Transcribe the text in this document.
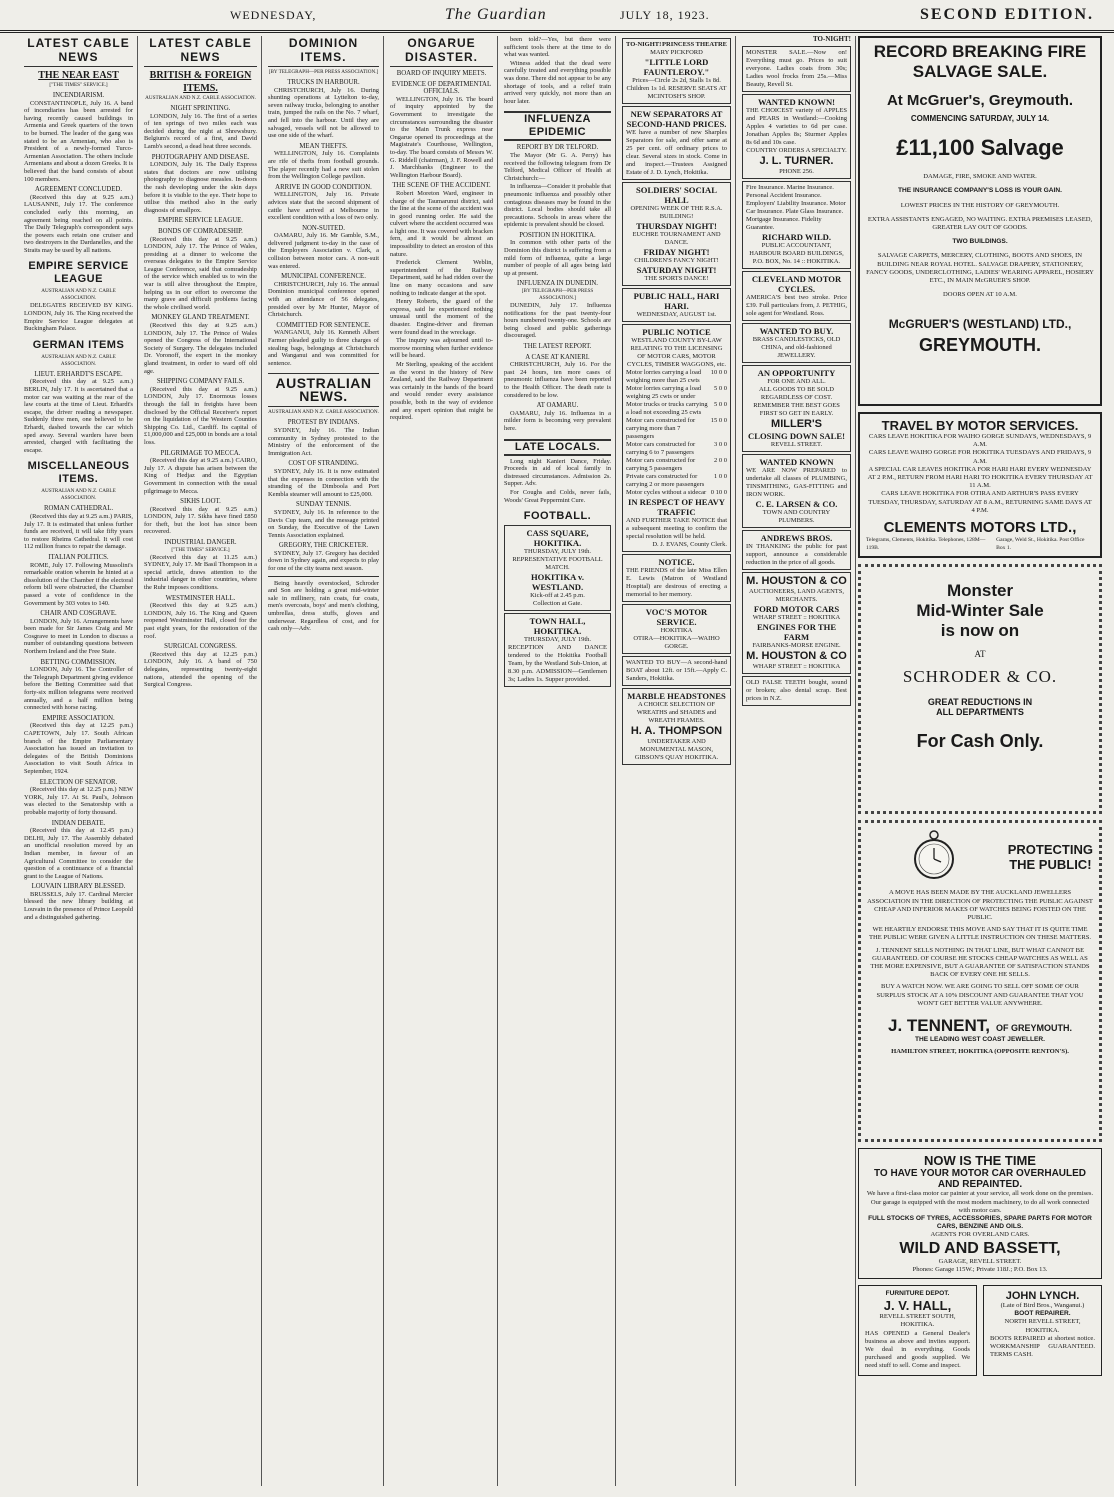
WEDNESDAY,	The Guardian	JULY 18, 1923.	SECOND EDITION.
LATEST CABLE NEWS
THE NEAR EAST
["THE TIMES" SERVICE.]
INCENDIARISM.

CONSTANTINOPLE, July 16. A band of incendiaries has been arrested for having recently caused buildings in Armenia and Greek quarters of the town to be burned. The leader of the gang was stated to be an Armenian, who also is President of a newly-formed Turco-Armenian Association. The others include Armenians and about a dozen Greeks. It is believed that the band consists of about 100 members.

AGREEMENT CONCLUDED.

(Received this day at 9.25 a.m.) LAUSANNE, July 17. The conference concluded early this morning, an agreement being reached on all points. The Daily Telegraph's correspondent says the powers each retain one cruiser and two destroyers in the Dardanelles, and the Straits may be used by all nations.

EMPIRE SERVICE LEAGUE
AUSTRALIAN AND N.Z. CABLE ASSOCIATION.

DELEGATES RECEIVED BY KING. LONDON, July 16. The King received the Empire Service League delegates at Buckingham Palace.

GERMAN ITEMS
AUSTRALIAN AND N.Z. CABLE ASSOCIATION.
LIEUT. ERHARDT'S ESCAPE.

(Received this day at 9.25 a.m.) BERLIN, July 17. It is ascertained that a motor car was waiting at the rear of the law courts at the time of Lieut. Erhardt's escape, the driver reading a newspaper. Suddenly three men, one believed to be Erhardt, dashed towards the car which sped away. Several warders have been arrested, charged with facilitating the escape.

MISCELLANEOUS ITEMS.
AUSTRALIAN AND N.Z. CABLE ASSOCIATION.
ROMAN CATHEDRAL.

(Received this day at 9.25 a.m.) PARIS, July 17. It is estimated that unless further funds are received, it will take fifty years to restore Rheims Cathedral. It will cost 112 million francs to repair the damage.

ITALIAN POLITICS.

ROME, July 17. Following Mussolini's remarkable oration wherein he hinted at a dissolution of the Chamber if the electoral reform bill were obstructed, the Chamber passed a vote of confidence in the Government by 303 votes to 140.

CHAIR AND COSGRAVE.

LONDON, July 16. Arrangements have been made for Sir James Craig and Mr Cosgrave to meet in London to discuss a number of outstanding questions between Northern Ireland and the Free State.

BETTING COMMISSION.

LONDON, July 16. The Controller of the Telegraph Department giving evidence before the Betting Committee said that forty-six million telegrams were received annually, and a half million being connected with horse racing.

EMPIRE ASSOCIATION.

(Received this day at 12.25 p.m.) CAPETOWN, July 17. South African branch of the Empire Parliamentary Association has issued an invitation to delegates of the British Dominions Association to visit South Africa in September, 1924.

ELECTION OF SENATOR.

(Received this day at 12.25 p.m.) NEW YORK, July 17. At St. Paul's, Johnson was elected to the Senatorship with a probable majority of forty thousand.

INDIAN DEBATE.

(Received this day at 12.45 p.m.) DELHI, July 17. The Assembly debated an unofficial resolution moved by an Indian member, in favour of an Agricultural Committee to consider the question of a continuance of a financial grant to the League of Nations.

LOUVAIN LIBRARY BLESSED.

BRUSSELS, July 17. Cardinal Mercier blessed the new library building at Louvain in the presence of Prince Leopold and a distinguished gathering.

LATEST CABLE NEWS
BRITISH & FOREIGN ITEMS.
AUSTRALIAN AND N.Z. CABLE ASSOCIATION.
NIGHT SPRINTING.

LONDON, July 16. The first of a series of ten springs of two miles each was decided during the night at Shrewsbury. Belgium's record of a first, and David Lamb's second, a dead heat three seconds.

PHOTOGRAPHY AND DISEASE.

LONDON, July 16. The Daily Express states that doctors are now utilising photography to diagnose measles. In-doors the rash developing under the skin days before it is visible to the eye. Their hope to utilise this method also in the early diagnosis of smallpox.

EMPIRE SERVICE LEAGUE.
BONDS OF COMRADESHIP.

(Received this day at 9.25 a.m.) LONDON, July 17. The Prince of Wales, presiding at a dinner to welcome the overseas delegates to the Empire Service League Conference, said that comradeship of the service which enabled us to win the war is still alive throughout the Empire, helping us in our effort to overcome the many grave and difficult problems facing the whole civilised world.

MONKEY GLAND TREATMENT.

(Received this day at 9.25 a.m.) LONDON, July 17. The Prince of Wales opened the Congress of the International Society of Surgery. The delegates included Dr. Voronoff, the expert in the monkey gland treatment, in order to ward off old age.

SHIPPING COMPANY FAILS.

(Received this day at 9.25 a.m.) LONDON, July 17. Enormous losses through the fall in freights have been disclosed by the Official Receiver's report on the liquidation of the Western Counties Shipping Co. Ltd., Cardiff. Its capital of £1,000,000 and £25,000 in bonds are a total loss.

PILGRIMAGE TO MECCA.

(Received this day at 9.25 a.m.) CAIRO, July 17. A dispute has arisen between the King of Hedjaz and the Egyptian Government in connection with the usual pilgrimage to Mecca.

SIKHS LOOT.

(Received this day at 9.25 a.m.) LONDON, July 17. Sikhs have fined £850 for theft, but the loot has since been recovered.

INDUSTRIAL DANGER.
["THE TIMES" SERVICE.]

(Received this day at 11.25 a.m.) SYDNEY, July 17. Mr Basil Thompson in a special article, draws attention to the industrial danger in other countries, where the Ruhr imposes conditions.

WESTMINSTER HALL.

(Received this day at 9.25 a.m.) LONDON, July 16. The King and Queen reopened Westminster Hall, closed for the past eight years, for the restoration of the roof.

SURGICAL CONGRESS.

(Received this day at 12.25 p.m.) LONDON, July 16. A band of 750 delegates, representing twenty-eight nations, attended the opening of the Surgical Congress.

DOMINION ITEMS.
[BY TELEGRAPH—PER PRESS ASSOCIATION.]
TRUCKS IN HARBOUR.

CHRISTCHURCH, July 16. During shunting operations at Lyttelton to-day, seven railway trucks, belonging to another train, jumped the rails on the No. 7 wharf, and fell into the harbour. Until they are salvaged, vessels will not be allowed to use one side of the wharf.

MEAN THEFTS.

WELLINGTON, July 16. Complaints are rife of thefts from football grounds. The player recently had a new suit stolen from the Wellington College pavilion.

ARRIVE IN GOOD CONDITION.

WELLINGTON, July 16. Private advices state that the second shipment of cattle have arrived at Melbourne in excellent condition with a loss of two only.

NON-SUITED.

OAMARU, July 16. Mr Gamble, S.M., delivered judgment to-day in the case of the Employers Association v. Clark, a collision between motor cars. A non-suit was entered.

MUNICIPAL CONFERENCE.

CHRISTCHURCH, July 16. The annual Dominion municipal conference opened with an attendance of 56 delegates, presided over by Mr Hunter, Mayor of Christchurch.

COMMITTED FOR SENTENCE.

WANGANUI, July 16. Kenneth Albert Farmer pleaded guilty to three charges of stealing bags, belongings at Christchurch and Wanganui and was committed for sentence.

AUSTRALIAN NEWS.
AUSTRALIAN AND N.Z. CABLE ASSOCIATION.
PROTEST BY INDIANS.

SYDNEY, July 16. The Indian community in Sydney protested to the Ministry of the enforcement of the Immigration Act.

COST OF STRANDING.

SYDNEY, July 16. It is now estimated that the expenses in connection with the stranding of the Dimboola and Port Kembla steamer will amount to £25,000.

SUNDAY TENNIS.

SYDNEY, July 16. In reference to the Davis Cup team, and the message printed on Sunday, the Executive of the Lawn Tennis Association explained.

GREGORY, THE CRICKETER.

SYDNEY, July 17. Gregory has decided down in Sydney again, and expects to play for one of the city teams next season.

Being heavily overstocked, Schroder and Son are holding a great mid-winter sale in millinery, rain coats, fur coats, men's overcoats, boys' and men's clothing, umbrellas, dress stuffs, gloves and underwear. Regardless of cost, and for cash only—Adv.

ONGARUE DISASTER.
BOARD OF INQUIRY MEETS.
EVIDENCE OF DEPARTMENTAL OFFICIALS.

WELLINGTON, July 16. The board of inquiry appointed by the Government to investigate the circumstances surrounding the disaster to the Main Trunk express near Ongarue opened its proceedings at the Magistrate's Courthouse, Wellington, to-day. The board consists of Messrs W. G. Riddell (chairman), J. F. Rowell and J. Marchbanks (Engineer to the Wellington Harbour Board).

THE SCENE OF THE ACCIDENT.

Robert Moreton Ward, engineer in charge of the Taumarunui district, said the line at the scene of the accident was in good running order. He said the culvert where the accident occurred was a light one. It was covered with bracken fern, and it would be almost an impossibility to detect an erosion of this nature.

Frederick Clement Weblin, superintendent of the Railway Department, said he had ridden over the line on many occasions and saw nothing to indicate danger at the spot.

Henry Roberts, the guard of the express, said he experienced nothing unusual until the moment of the disaster. Engine-driver and fireman were found dead in the wreckage.

The inquiry was adjourned until to-morrow morning when further evidence will be heard.

Mr Sterling, speaking of the accident as the worst in the history of New Zealand, said the Railway Department was certainly in the hands of the board and would render every assistance possible, both in the way of evidence and any expert opinion that might be required.

been told?—Yes, but there were sufficient tools there at the time to do what was wanted.

Witness added that the dead were carefully treated and everything possible was done. There did not appear to be any shortage of tools, and a relief train arrived very quickly, not more than an hour later.

INFLUENZA EPIDEMIC
REPORT BY DR TELFORD.

The Mayor (Mr G. A. Perry) has received the following telegram from Dr Telford, Medical Officer of Health at Christchurch:—

In influenza—Consider it probable that pneumonic influenza and possibly other contagious diseases may be found in the district. Local bodies should take all precautions. Schools in areas where the epidemic is prevalent should be closed.

POSITION IN HOKITIKA.

In common with other parts of the Dominion this district is suffering from a mild form of influenza, quite a large number of people of all ages being laid up at present.

INFLUENZA IN DUNEDIN.
[BY TELEGRAPH—PER PRESS ASSOCIATION.]

DUNEDIN, July 17. Influenza notifications for the past twenty-four hours numbered twenty-one. Schools are being closed and public gatherings discouraged.

THE LATEST REPORT.
A CASE AT KANIERI.

CHRISTCHURCH, July 16. For the past 24 hours, ten more cases of pneumonic influenza have been reported to the Health Officer. The death rate is considered to be low.

AT OAMARU.

OAMARU, July 16. Influenza in a milder form is becoming very prevalent here.

LATE LOCALS.

Long night Kanieri Dance, Friday. Proceeds in aid of local family in distressed circumstances. Admission 2s. Supper. Adv.

For Coughs and Colds, never fails, Woods' Great Peppermint Cure.

FOOTBALL.
CASS SQUARE, HOKITIKA.
THURSDAY, JULY 19th.
REPRESENTATIVE FOOTBALL MATCH.
HOKITIKA v. WESTLAND.
Kick-off at 2.45 p.m.
Collection at Gate.
TOWN HALL, HOKITIKA.
THURSDAY, JULY 19th.
RECEPTION AND DANCE tendered to the Hokitika Football Team, by the Westland Sub-Union, at 8.30 p.m. ADMISSION—Gentlemen 3s; Ladies 1s. Supper provided.
TO-NIGHT! PRINCESS THEATRE
MARY PICKFORD
"LITTLE LORD FAUNTLEROY."
Prices—Circle 2s 2d, Stalls 1s 8d. Children 1s 1d. RESERVE SEATS AT MCINTOSH'S SHOP.
NEW SEPARATORS AT SECOND-HAND PRICES.
WE have a number of new Sharples Separators for sale, and offer same at 25 per cent. off ordinary prices to clear. Several sizes in stock. Come in and inspect.—Trustees Assigned Estate of J. D. Lynch, Hokitika.
SOLDIERS' SOCIAL HALL
OPENING WEEK OF THE R.S.A. BUILDING!
THURSDAY NIGHT!
EUCHRE TOURNAMENT AND DANCE.
FRIDAY NIGHT!
CHILDREN'S FANCY NIGHT!
SATURDAY NIGHT!
THE SPORTS DANCE!
PUBLIC HALL, HARI HARI.
WEDNESDAY, AUGUST 1st.
PUBLIC NOTICE
WESTLAND COUNTY BY-LAW RELATING TO THE LICENSING OF MOTOR CARS, MOTOR CYCLES, TIMBER WAGGONS, etc.
Motor lorries carrying a load weighing more than 25 cwts
10 0 0
Motor lorries carrying a load weighing 25 cwts or under
5 0 0
Motor trucks or trucks carrying a load not exceeding 25 cwts
5 0 0
Motor cars constructed for carrying more than 7 passengers
15 0 0
Motor cars constructed for carrying 6 to 7 passengers
3 0 0
Motor cars constructed for carrying 5 passengers
2 0 0
Private cars constructed for carrying 2 or more passengers
1 0 0
Motor cycles without a sidecar 0 10 0
IN RESPECT OF HEAVY TRAFFIC
AND FURTHER TAKE NOTICE that a subsequent meeting to confirm the special resolution will be held.
D. J. EVANS, County Clerk.
NOTICE.
THE FRIENDS of the late Miss Ellen E. Lewis (Matron of Westland Hospital) are desirous of erecting a memorial to her memory.
VOC'S MOTOR SERVICE.
HOKITIKA
OTIRA—HOKITIKA—WAIHO GORGE.
WANTED TO BUY—A second-hand BOAT about 12ft. or 15ft.—Apply C. Sanders, Hokitika.
MARBLE HEADSTONES
A CHOICE SELECTION OF WREATHS and SHADES and WREATH FRAMES.
H. A. THOMPSON
UNDERTAKER AND MONUMENTAL MASON, GIBSON'S QUAY HOKITIKA.
TO-NIGHT!
MONSTER SALE.—Now on! Everything must go. Prices to suit everyone. Ladies coats from 30s; Ladies wool frocks from 25s.—Miss Beauty, Revell St.
WANTED KNOWN!
THE CHOICEST variety of APPLES and PEARS in Westland:—Cooking Apples 4 varieties to 6d per case. Jonathan Apples 8s; Sturmer Apples 8s 6d and 10s case.
COUNTRY ORDERS A SPECIALTY.
J. L. TURNER.
PHONE 256.
Fire Insurance. Marine Insurance. Personal Accident Insurance. Employers' Liability Insurance. Motor Car Insurance. Plate Glass Insurance. Mortgage Insurance. Fidelity Guarantee.
RICHARD WILD.
PUBLIC ACCOUNTANT,
HARBOUR BOARD BUILDINGS,
P.O. BOX, No. 14 :: HOKITIKA.
CLEVELAND MOTOR CYCLES.
AMERICA'S best two stroke. Price £39. Full particulars from, J. PETHIG, sole agent for Westland. Ross.
WANTED TO BUY.
BRASS CANDLESTICKS, OLD CHINA, and old-fashioned JEWELLERY.
AN OPPORTUNITY
FOR ONE AND ALL.
ALL GOODS TO BE SOLD REGARDLESS OF COST.
REMEMBER THE BEST GOES FIRST SO GET IN EARLY.
MILLER'S
CLOSING DOWN SALE!
REVELL STREET.
WANTED KNOWN
WE ARE NOW PREPARED to undertake all classes of PLUMBING, TINSMITHING, GAS-FITTING and IRON WORK.
C. E. LARSEN & CO.
TOWN AND COUNTRY PLUMBERS.
ANDREWS BROS.
IN THANKING the public for past support, announce a considerable reduction in the price of all goods.
M. HOUSTON & CO
AUCTIONEERS, LAND AGENTS, MERCHANTS.
FORD MOTOR CARS
WHARF STREET :: HOKITIKA
ENGINES FOR THE FARM
FAIRBANKS-MORSE ENGINE.
M. HOUSTON & CO
WHARF STREET :: HOKITIKA
OLD FALSE TEETH bought, sound or broken; also dental scrap. Best prices in N.Z.
RECORD BREAKING FIRE SALVAGE SALE.
At McGruer's, Greymouth.
COMMENCING SATURDAY, JULY 14.
£11,100 Salvage
DAMAGE, FIRE, SMOKE AND WATER.
THE INSURANCE COMPANY'S LOSS IS YOUR GAIN.
LOWEST PRICES IN THE HISTORY OF GREYMOUTH.
EXTRA ASSISTANTS ENGAGED, NO WAITING. EXTRA PREMISES LEASED, GREATER LAY OUT OF GOODS.
TWO BUILDINGS.
SALVAGE CARPETS, MERCERY, CLOTHING, BOOTS AND SHOES, IN BUILDING NEAR ROYAL HOTEL. SALVAGE DRAPERY, STATIONERY, FANCY GOODS, UNDERCLOTHING, LADIES' WEARING APPAREL, HOSIERY ETC., IN MAIN McGRUER'S SHOP.
DOORS OPEN AT 10 A.M.
McGRUER'S (WESTLAND) LTD.,
GREYMOUTH.
TRAVEL BY MOTOR SERVICES.
CARS LEAVE HOKITIKA FOR WAIHO GORGE SUNDAYS, WEDNESDAYS, 9 A.M.
CARS LEAVE WAIHO GORGE FOR HOKITIKA TUESDAYS AND FRIDAYS, 9 A.M.
A SPECIAL CAR LEAVES HOKITIKA FOR HARI HARI EVERY WEDNESDAY AT 2 P.M., RETURN FROM HARI HARI TO HOKITIKA EVERY THURSDAY AT 11 A.M.
CARS LEAVE HOKITIKA FOR OTIRA AND ARTHUR'S PASS EVERY TUESDAY, THURSDAY, SATURDAY AT 8 A.M., RETURNING SAME DAYS AT 4 P.M.
CLEMENTS MOTORS LTD.,
Telegrams, Clements, Hokitika. Telephones, 128M—119B.
Garage, Weld St., Hokitika. Post Office Box 1.
Monster
Mid-Winter Sale
is now on
AT
SCHRODER & CO.
GREAT REDUCTIONS IN
ALL DEPARTMENTS
For Cash Only.
PROTECTING
THE PUBLIC!
A MOVE HAS BEEN MADE BY THE AUCKLAND JEWELLERS ASSOCIATION IN THE DIRECTION OF PROTECTING THE PUBLIC AGAINST CHEAP AND INFERIOR MAKES OF WATCHES BEING FOISTED ON THE PUBLIC.
WE HEARTILY ENDORSE THIS MOVE AND SAY THAT IT IS QUITE TIME THE PUBLIC WERE GIVEN A LITTLE INSTRUCTION ON THESE MATTERS.
J. TENNENT SELLS NOTHING IN THAT LINE, BUT WHAT CANNOT BE GUARANTEED. OF COURSE HE STOCKS CHEAP WATCHES AS WELL AS THE MORE EXPENSIVE, BUT A GUARANTEE OF SATISFACTION STANDS BACK OF EVERY ONE HE SELLS.
BUY A WATCH NOW. WE ARE GOING TO SELL OFF SOME OF OUR SURPLUS STOCK AT A 10% DISCOUNT AND GUARANTEE THAT YOU WON'T GET BETTER VALUE ANYWHERE.
J. TENNENT, OF GREYMOUTH.
THE LEADING WEST COAST JEWELLER.
HAMILTON STREET, HOKITIKA (OPPOSITE RENTON'S).
NOW IS THE TIME
TO HAVE YOUR MOTOR CAR OVERHAULED AND REPAINTED.
We have a first-class motor car painter at your service, all work done on the premises.
Our garage is equipped with the most modern machinery, to do all work connected with motor cars.
FULL STOCKS OF TYRES, ACCESSORIES, SPARE PARTS FOR MOTOR CARS, BENZINE AND OILS.
AGENTS FOR OVERLAND CARS.
WILD AND BASSETT,
GARAGE, REVELL STREET.
Phones: Garage 115W.; Private 118J.; P.O. Box 13.
FURNITURE DEPOT.
J. V. HALL,
REVELL STREET SOUTH, HOKITIKA.
HAS OPENED a General Dealer's business as above and invites support. We deal in everything. Goods purchased and goods supplied. We need stuff to sell. Come and inspect.
JOHN LYNCH.
(Late of Bird Bros., Wanganui.)
BOOT REPAIRER.
NORTH REVELL STREET, HOKITIKA.
BOOTS REPAIRED at shortest notice. WORKMANSHIP GUARANTEED. TERMS CASH.
